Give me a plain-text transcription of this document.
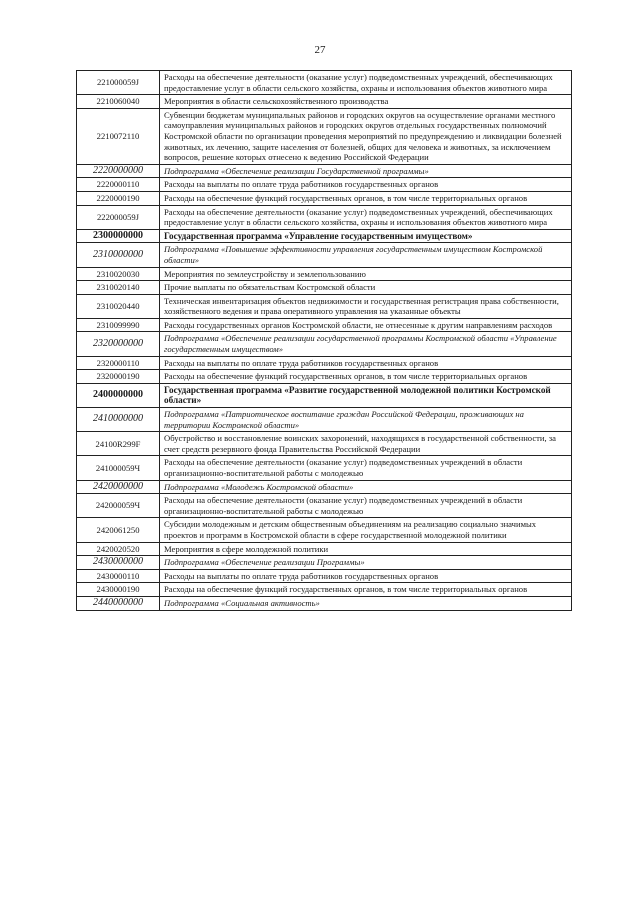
27
221000059J	Расходы на обеспечение деятельности (оказание услуг) подведомственных учреждений, обеспечивающих предоставление услуг в области сельского хозяйства, охраны и использования объектов животного мира
2210060040	Мероприятия в области сельскохозяйственного производства
2210072110	Субвенции бюджетам муниципальных районов и городских округов на осуществление органами местного самоуправления муниципальных районов и городских округов отдельных государственных полномочий Костромской области по организации проведения мероприятий по предупреждению и ликвидации болезней животных, их лечению, защите населения от болезней, общих для человека и животных, за исключением вопросов, решение которых отнесено к ведению Российской Федерации
2220000000	Подпрограмма «Обеспечение реализации Государственной программы»
2220000110	Расходы на выплаты по оплате труда работников государственных органов
2220000190	Расходы на обеспечение функций государственных органов, в том числе территориальных органов
222000059J	Расходы на обеспечение деятельности (оказание услуг) подведомственных учреждений, обеспечивающих предоставление услуг в области сельского хозяйства, охраны и использования объектов животного мира
2300000000	Государственная программа «Управление государственным имуществом»
2310000000	Подпрограмма «Повышение эффективности управления государственным имуществом Костромской области»
2310020030	Мероприятия по землеустройству и землепользованию
2310020140	Прочие выплаты по обязательствам Костромской области
2310020440	Техническая инвентаризация объектов недвижимости и государственная регистрация права собственности, хозяйственного ведения и права оперативного управления на указанные объекты
2310099990	Расходы государственных органов Костромской области, не отнесенные к другим направлениям расходов
2320000000	Подпрограмма «Обеспечение реализации государственной программы Костромской области «Управление государственным имуществом»
2320000110	Расходы на выплаты по оплате труда работников государственных органов
2320000190	Расходы на обеспечение функций государственных органов, в том числе территориальных органов
2400000000	Государственная программа «Развитие государственной молодежной политики Костромской области»
2410000000	Подпрограмма «Патриотическое воспитание граждан Российской Федерации, проживающих на территории Костромской области»
24100R299F	Обустройство и восстановление воинских захоронений, находящихся в государственной собственности, за счет средств резервного фонда Правительства Российской Федерации
241000059Ч	Расходы на обеспечение деятельности (оказание услуг) подведомственных учреждений в области организационно-воспитательной работы с молодежью
2420000000	Подпрограмма «Молодежь Костромской области»
242000059Ч	Расходы на обеспечение деятельности (оказание услуг) подведомственных учреждений в области организационно-воспитательной работы с молодежью
2420061250	Субсидии молодежным и детским общественным объединениям на реализацию социально значимых проектов и программ в Костромской области в сфере государственной молодежной политики
2420020520	Мероприятия в сфере молодежной политики
2430000000	Подпрограмма «Обеспечение реализации Программы»
2430000110	Расходы на выплаты по оплате труда работников государственных органов
2430000190	Расходы на обеспечение функций государственных органов, в том числе территориальных органов
2440000000	Подпрограмма «Социальная активность»
